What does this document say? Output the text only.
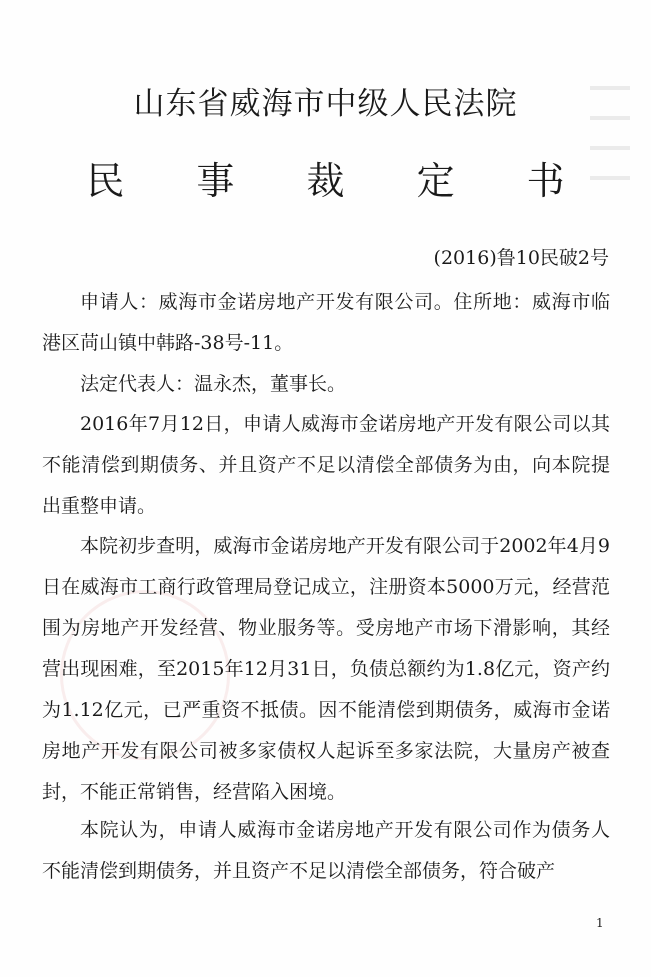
山东省威海市中级人民法院
民 事 裁 定 书
(2016)鲁10民破2号

申请人：威海市金诺房地产开发有限公司。住所地：威海市临港区苘山镇中韩路-38号-11。

法定代表人：温永杰，董事长。

2016年7月12日，申请人威海市金诺房地产开发有限公司以其不能清偿到期债务、并且资产不足以清偿全部债务为由，向本院提出重整申请。

本院初步查明，威海市金诺房地产开发有限公司于2002年4月9日在威海市工商行政管理局登记成立，注册资本5000万元，经营范围为房地产开发经营、物业服务等。受房地产市场下滑影响，其经营出现困难，至2015年12月31日，负债总额约为1.8亿元，资产约为1.12亿元，已严重资不抵债。因不能清偿到期债务，威海市金诺房地产开发有限公司被多家债权人起诉至多家法院，大量房产被查封，不能正常销售，经营陷入困境。

本院认为，申请人威海市金诺房地产开发有限公司作为债务人不能清偿到期债务，并且资产不足以清偿全部债务，符合破产

1
